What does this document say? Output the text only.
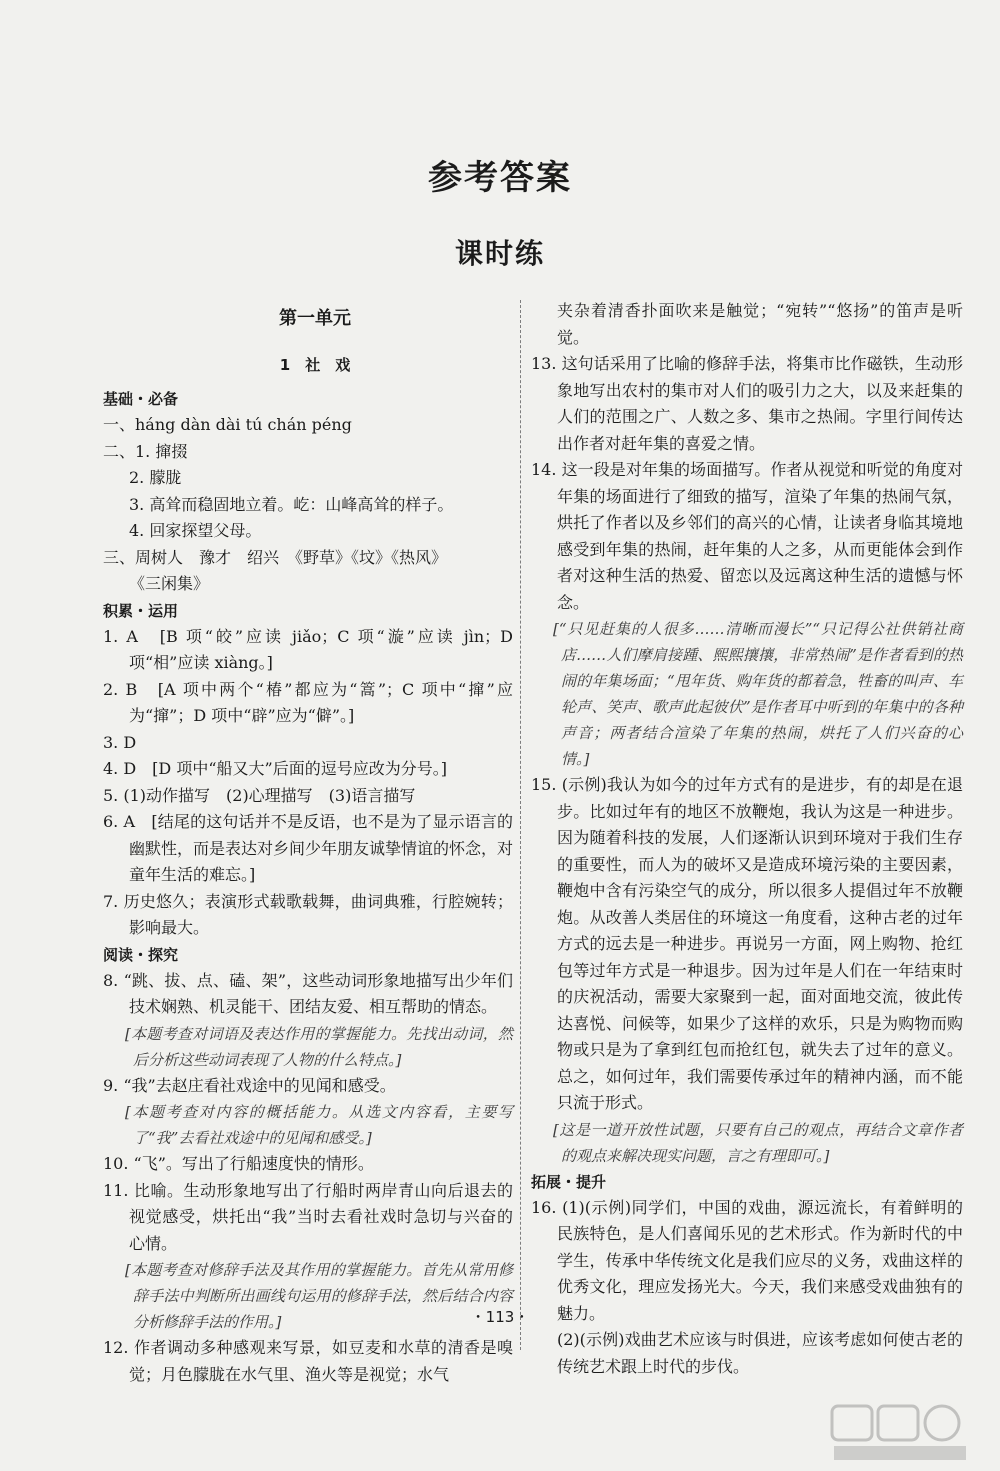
参考答案
课时练
第一单元
1　社　戏
基础・必备
一、háng dàn dài tú chán péng
二、1. 撺掇
2. 朦胧
3. 高耸而稳固地立着。屹：山峰高耸的样子。
4. 回家探望父母。
三、周树人　豫才　绍兴　《野草》《坟》《热风》
《三闲集》
积累・运用
1. A　[B 项“皎”应读 jiǎo；C 项“漩”应读 jìn；D 项“相”应读 xiàng。]
2. B　[A 项中两个“椿”都应为“篙”；C 项中“撺”应为“撺”；D 项中“辟”应为“僻”。]
3. D
4. D　[D 项中“船又大”后面的逗号应改为分号。]
5. (1)动作描写　(2)心理描写　(3)语言描写
6. A　[结尾的这句话并不是反语，也不是为了显示语言的幽默性，而是表达对乡间少年朋友诚挚情谊的怀念，对童年生活的难忘。]
7. 历史悠久；表演形式载歌载舞，曲词典雅，行腔婉转；影响最大。
阅读・探究
8. “跳、拔、点、磕、架”，这些动词形象地描写出少年们技术娴熟、机灵能干、团结友爱、相互帮助的情态。
[本题考查对词语及表达作用的掌握能力。先找出动词，然后分析这些动词表现了人物的什么特点。]
9. “我”去赵庄看社戏途中的见闻和感受。
[本题考查对内容的概括能力。从选文内容看，主要写了“我”去看社戏途中的见闻和感受。]
10. “飞”。写出了行船速度快的情形。
11. 比喻。生动形象地写出了行船时两岸青山向后退去的视觉感受，烘托出“我”当时去看社戏时急切与兴奋的心情。
[本题考查对修辞手法及其作用的掌握能力。首先从常用修辞手法中判断所出画线句运用的修辞手法，然后结合内容分析修辞手法的作用。]
12. 作者调动多种感观来写景，如豆麦和水草的清香是嗅觉；月色朦胧在水气里、渔火等是视觉；水气
夹杂着清香扑面吹来是触觉；“宛转”“悠扬”的笛声是听觉。
13. 这句话采用了比喻的修辞手法，将集市比作磁铁，生动形象地写出农村的集市对人们的吸引力之大，以及来赶集的人们的范围之广、人数之多、集市之热闹。字里行间传达出作者对赶年集的喜爱之情。
14. 这一段是对年集的场面描写。作者从视觉和听觉的角度对年集的场面进行了细致的描写，渲染了年集的热闹气氛，烘托了作者以及乡邻们的高兴的心情，让读者身临其境地感受到年集的热闹，赶年集的人之多，从而更能体会到作者对这种生活的热爱、留恋以及远离这种生活的遗憾与怀念。
[“只见赶集的人很多……清晰而漫长”“只记得公社供销社商店……人们摩肩接踵、熙熙攘攘，非常热闹”是作者看到的热闹的年集场面；“甩年货、购年货的都着急，牲畜的叫声、车轮声、笑声、歌声此起彼伏”是作者耳中听到的年集中的各种声音；两者结合渲染了年集的热闹，烘托了人们兴奋的心情。]
15. (示例)我认为如今的过年方式有的是进步，有的却是在退步。比如过年有的地区不放鞭炮，我认为这是一种进步。因为随着科技的发展，人们逐渐认识到环境对于我们生存的重要性，而人为的破坏又是造成环境污染的主要因素，鞭炮中含有污染空气的成分，所以很多人提倡过年不放鞭炮。从改善人类居住的环境这一角度看，这种古老的过年方式的远去是一种进步。再说另一方面，网上购物、抢红包等过年方式是一种退步。因为过年是人们在一年结束时的庆祝活动，需要大家聚到一起，面对面地交流，彼此传达喜悦、问候等，如果少了这样的欢乐，只是为购物而购物或只是为了拿到红包而抢红包，就失去了过年的意义。总之，如何过年，我们需要传承过年的精神内涵，而不能只流于形式。
[这是一道开放性试题，只要有自己的观点，再结合文章作者的观点来解决现实问题，言之有理即可。]
拓展・提升
16. (1)(示例)同学们，中国的戏曲，源远流长，有着鲜明的民族特色，是人们喜闻乐见的艺术形式。作为新时代的中学生，传承中华传统文化是我们应尽的义务，戏曲这样的优秀文化，理应发扬光大。今天，我们来感受戏曲独有的魅力。
(2)(示例)戏曲艺术应该与时俱进，应该考虑如何使古老的传统艺术跟上时代的步伐。
・113・
